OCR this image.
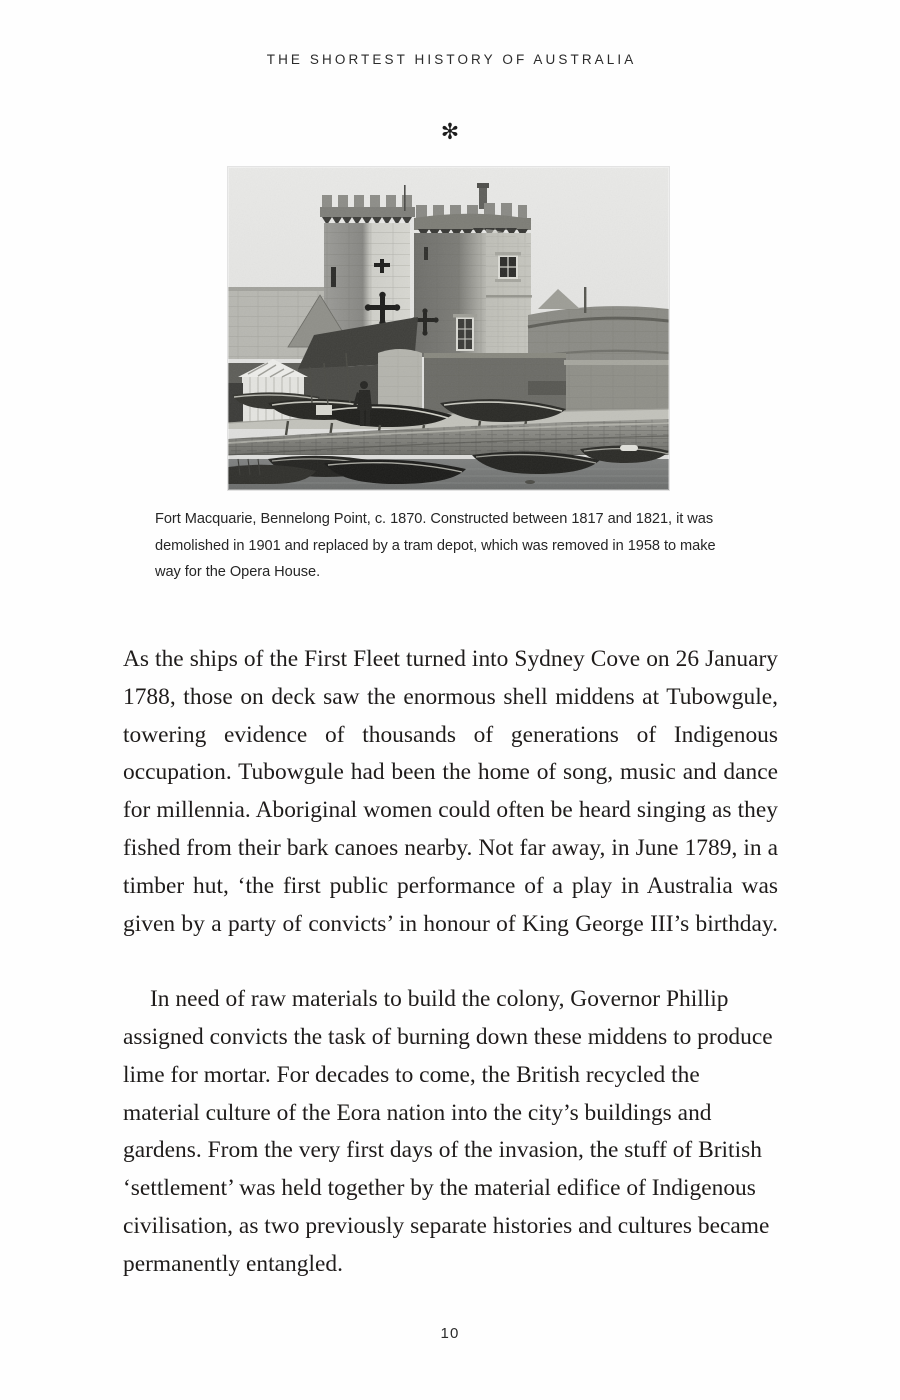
THE SHORTEST HISTORY OF AUSTRALIA
✻
Fort Macquarie, Bennelong Point, c. 1870. Constructed between 1817 and 1821, it was demolished in 1901 and replaced by a tram depot, which was removed in 1958 to make way for the Opera House.

As the ships of the First Fleet turned into Sydney Cove on 26 January 1788, those on deck saw the enormous shell middens at Tubowgule, towering evidence of thousands of generations of Indigenous occupation. Tubowgule had been the home of song, music and dance for millennia. Aboriginal women could often be heard singing as they fished from their bark canoes nearby. Not far away, in June 1789, in a timber hut, ‘the first public performance of a play in Australia was given by a party of convicts’ in honour of King George III’s birthday.

In need of raw materials to build the colony, Governor Phillip assigned convicts the task of burning down these middens to produce lime for mortar. For decades to come, the British recycled the material culture of the Eora nation into the city’s buildings and gardens. From the very first days of the invasion, the stuff of British ‘settlement’ was held together by the material edifice of Indigenous civilisation, as two previously separate histories and cultures became permanently entangled.

10
